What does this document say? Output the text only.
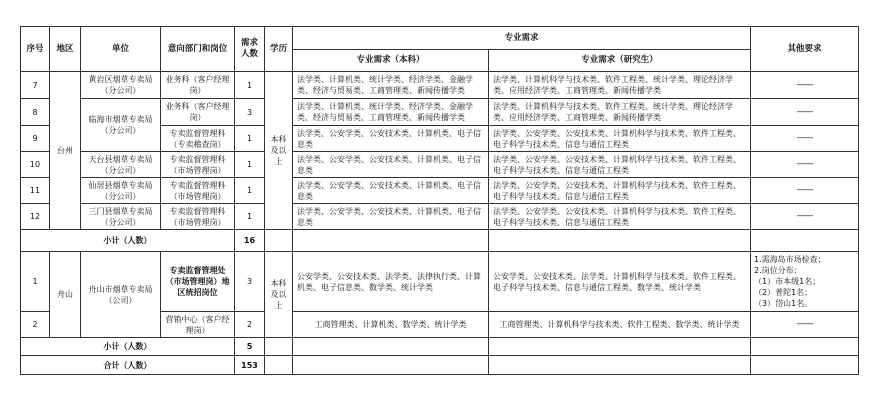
序号	地区	单位	意向部门和岗位	需求人数	学历	专业需求		其他要求
						专业需求（本科）	专业需求（研究生）	
7	台州	黄岩区烟草专卖局（分公司）	业务科（客户经理岗）	1	本科及以上	法学类、计算机类、统计学类、经济学类、金融学类、经济与贸易类、工商管理类、新闻传播学类	法学类、计算机科学与技术类、软件工程类、统计学类、理论经济学类、应用经济学类、工商管理类、新闻传播学类	——
8		临海市烟草专卖局（分公司）	业务科（客户经理岗）	3		法学类、计算机类、统计学类、经济学类、金融学类、经济与贸易类、工商管理类、新闻传播学类	法学类、计算机科学与技术类、软件工程类、统计学类、理论经济学类、应用经济学类、工商管理类、新闻传播学类	——
9			专卖监督管理科（专卖稽查岗）	1		法学类、公安学类、公安技术类、计算机类、电子信息类	法学类、公安学类、公安技术类、计算机科学与技术类、软件工程类、电子科学与技术类、信息与通信工程类	——
10		天台县烟草专卖局（分公司）	专卖监督管理科（市场管理岗）	1		法学类、公安学类、公安技术类、计算机类、电子信息类	法学类、公安学类、公安技术类、计算机科学与技术类、软件工程类、电子科学与技术类、信息与通信工程类	——
11		仙居县烟草专卖局（分公司）	专卖监督管理科（市场管理岗）	1		法学类、公安学类、公安技术类、计算机类、电子信息类	法学类、公安学类、公安技术类、计算机科学与技术类、软件工程类、电子科学与技术类、信息与通信工程类	——
12		三门县烟草专卖局（分公司）	专卖监督管理科（市场管理岗）	1		法学类、公安学类、公安技术类、计算机类、电子信息类	法学类、公安学类、公安技术类、计算机科学与技术类、软件工程类、电子科学与技术类、信息与通信工程类	——
小计（人数）				16				
1	舟山	舟山市烟草专卖局（公司）	专卖监督管理处（市场管理岗）地区统招岗位	3	本科及以上	公安学类、公安技术类、法学类、法律执行类、计算机类、电子信息类、数学类、统计学类	公安学类、公安技术类、法学类、计算机科学与技术类、软件工程类、电子科学与技术类、信息与通信工程类、数学类、统计学类	1.需海岛市场检查；
2.岗位分布：
（1）市本级1名；
（2）普陀1名；
（3）岱山1名。

2			营销中心（客户经理岗）	2		工商管理类、计算机类、数学类、统计学类	工商管理类、计算机科学与技术类、软件工程类、数学类、统计学类	——
小计（人数）				5				
合计（人数）				153				
